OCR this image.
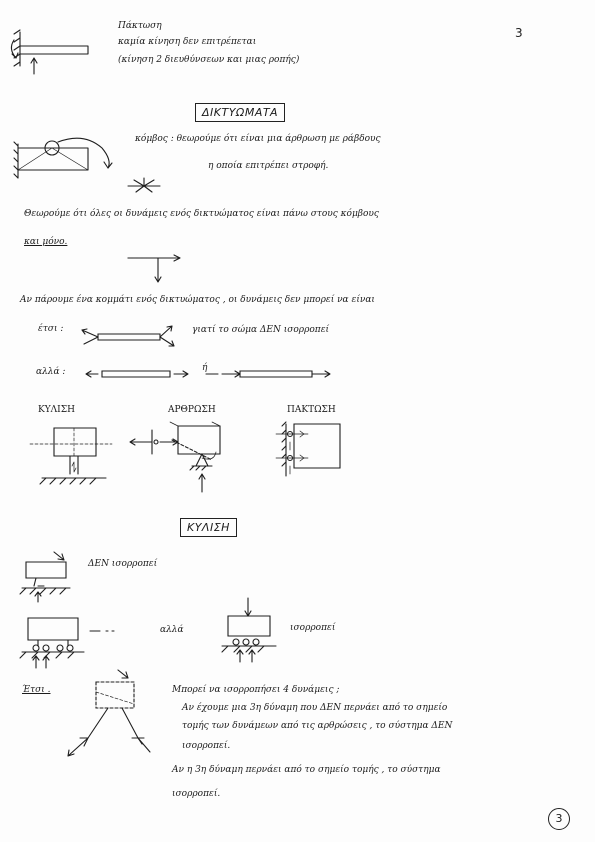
3
Πάκτωση
καμία κίνηση δεν επιτρέπεται
(κίνηση 2 διευθύνσεων και μιας ροπής)
ΔΙΚΤΥΩΜΑΤΑ
κόμβος : θεωρούμε ότι είναι μια άρθρωση με ράβδους
η οποία επιτρέπει στροφή.
Θεωρούμε ότι όλες οι δυνάμεις ενός δικτυώματος είναι πάνω στους κόμβους
και μόνο.
Αν πάρουμε ένα κομμάτι ενός δικτυώματος , οι δυνάμεις δεν μπορεί να είναι
έτσι :	γιατί το σώμα ΔΕΝ ισορροπεί
αλλά :	ή
ΚΥΛΙΣΗ	ΑΡΘΡΩΣΗ	ΠΑΚΤΩΣΗ
ΚΥΛΙΣΗ
ΔΕΝ ισορροπεί
αλλά	ισορροπεί
Έτσι .	Μπορεί να ισορροπήσει 4 δυνάμεις ;
Αν έχουμε μια 3η δύναμη που ΔΕΝ περνάει από το σημείο
τομής των δυνάμεων από τις αρθρώσεις , το σύστημα ΔΕΝ
ισορροπεί.
Αν η 3η δύναμη περνάει από το σημείο τομής , το σύστημα
ισορροπεί.
3
